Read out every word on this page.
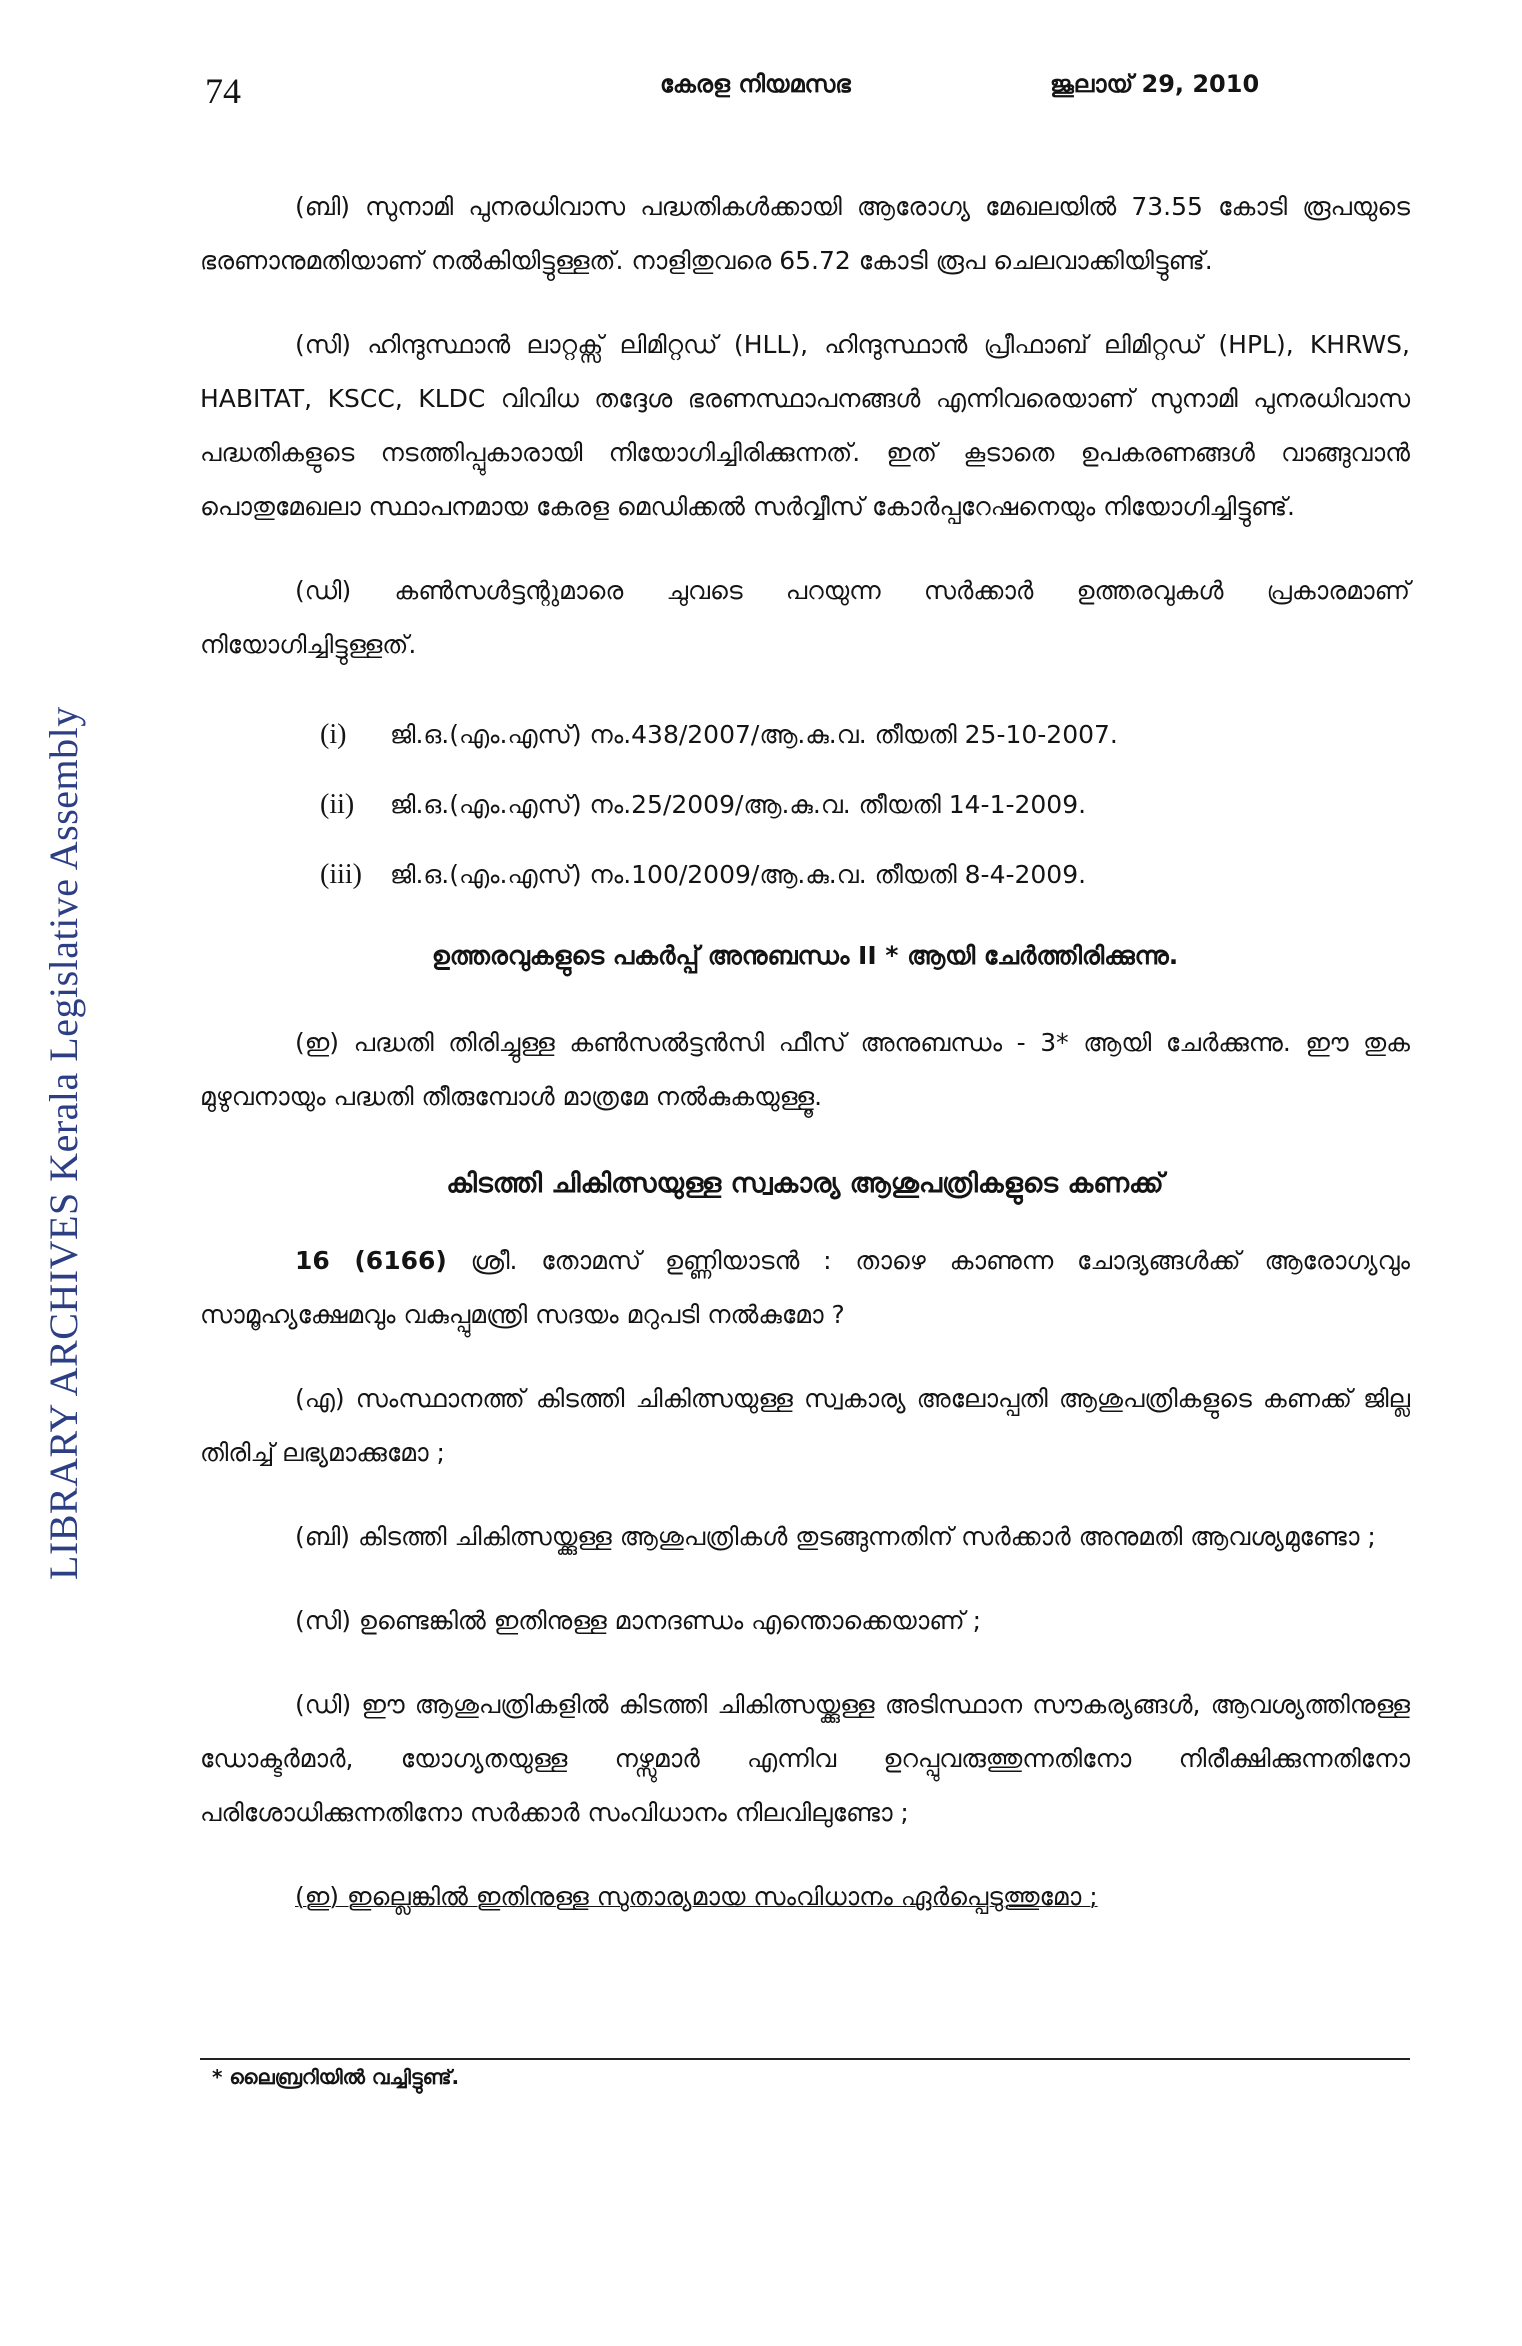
74	കേരള നിയമസഭ	ജൂലായ് 29, 2010
LIBRARY ARCHIVES Kerala Legislative Assembly

(ബി) സുനാമി പുനരധിവാസ പദ്ധതികൾക്കായി ആരോഗ്യ മേഖലയിൽ 73.55 കോടി രൂപയുടെ ഭരണാനുമതിയാണ് നൽകിയിട്ടുള്ളത്. നാളിതുവരെ 65.72 കോടി രൂപ ചെലവാക്കിയിട്ടുണ്ട്.

(സി) ഹിന്ദുസ്ഥാൻ ലാറ്റക്സ് ലിമിറ്റഡ് (HLL), ഹിന്ദുസ്ഥാൻ പ്രീഫാബ് ലിമിറ്റഡ് (HPL), KHRWS, HABITAT, KSCC, KLDC വിവിധ തദ്ദേശ ഭരണസ്ഥാപനങ്ങൾ എന്നിവരെയാണ് സുനാമി പുനരധിവാസ പദ്ധതികളുടെ നടത്തിപ്പുകാരായി നിയോഗിച്ചിരിക്കുന്നത്. ഇത് കൂടാതെ ഉപകരണങ്ങൾ വാങ്ങുവാൻ പൊതുമേഖലാ സ്ഥാപനമായ കേരള മെഡിക്കൽ സർവ്വീസ് കോർപ്പറേഷനെയും നിയോഗിച്ചിട്ടുണ്ട്.

(ഡി) കൺസൾട്ടന്റുമാരെ ചുവടെ പറയുന്ന സർക്കാർ ഉത്തരവുകൾ പ്രകാരമാണ് നിയോഗിച്ചിട്ടുള്ളത്.

(i) ജി.ഒ.(എം.എസ്) നം.438/2007/ആ.കു.വ. തീയതി 25-10-2007.
(ii) ജി.ഒ.(എം.എസ്) നം.25/2009/ആ.കു.വ. തീയതി 14-1-2009.
(iii) ജി.ഒ.(എം.എസ്) നം.100/2009/ആ.കു.വ. തീയതി 8-4-2009.
ഉത്തരവുകളുടെ പകർപ്പ് അനുബന്ധം II * ആയി ചേർത്തിരിക്കുന്നു.

(ഇ) പദ്ധതി തിരിച്ചുള്ള കൺസൽട്ടൻസി ഫീസ് അനുബന്ധം - 3* ആയി ചേർക്കുന്നു. ഈ തുക മുഴുവനായും പദ്ധതി തീരുമ്പോൾ മാത്രമേ നൽകുകയുള്ളൂ.

കിടത്തി ചികിത്സയുള്ള സ്വകാര്യ ആശുപത്രികളുടെ കണക്ക്

16 (6166) ശ്രീ. തോമസ് ഉണ്ണിയാടൻ : താഴെ കാണുന്ന ചോദ്യങ്ങൾക്ക് ആരോഗ്യവും സാമൂഹ്യക്ഷേമവും വകുപ്പുമന്ത്രി സദയം മറുപടി നൽകുമോ ?

(എ) സംസ്ഥാനത്ത് കിടത്തി ചികിത്സയുള്ള സ്വകാര്യ അലോപ്പതി ആശുപത്രികളുടെ കണക്ക് ജില്ല തിരിച്ച് ലഭ്യമാക്കുമോ ;

(ബി) കിടത്തി ചികിത്സയ്ക്കുള്ള ആശുപത്രികൾ തുടങ്ങുന്നതിന് സർക്കാർ അനുമതി ആവശ്യമുണ്ടോ ;

(സി) ഉണ്ടെങ്കിൽ ഇതിനുള്ള മാനദണ്ഡം എന്തൊക്കെയാണ് ;

(ഡി) ഈ ആശുപത്രികളിൽ കിടത്തി ചികിത്സയ്ക്കുള്ള അടിസ്ഥാന സൗകര്യങ്ങൾ, ആവശ്യത്തിനുള്ള ഡോക്ടർമാർ, യോഗ്യതയുള്ള നഴ്സുമാർ എന്നിവ ഉറപ്പുവരുത്തുന്നതിനോ നിരീക്ഷിക്കുന്നതിനോ പരിശോധിക്കുന്നതിനോ സർക്കാർ സംവിധാനം നിലവിലുണ്ടോ ;

(ഇ) ഇല്ലെങ്കിൽ ഇതിനുള്ള സുതാര്യമായ സംവിധാനം ഏർപ്പെടുത്തുമോ ;

* ലൈബ്രറിയിൽ വച്ചിട്ടുണ്ട്.
